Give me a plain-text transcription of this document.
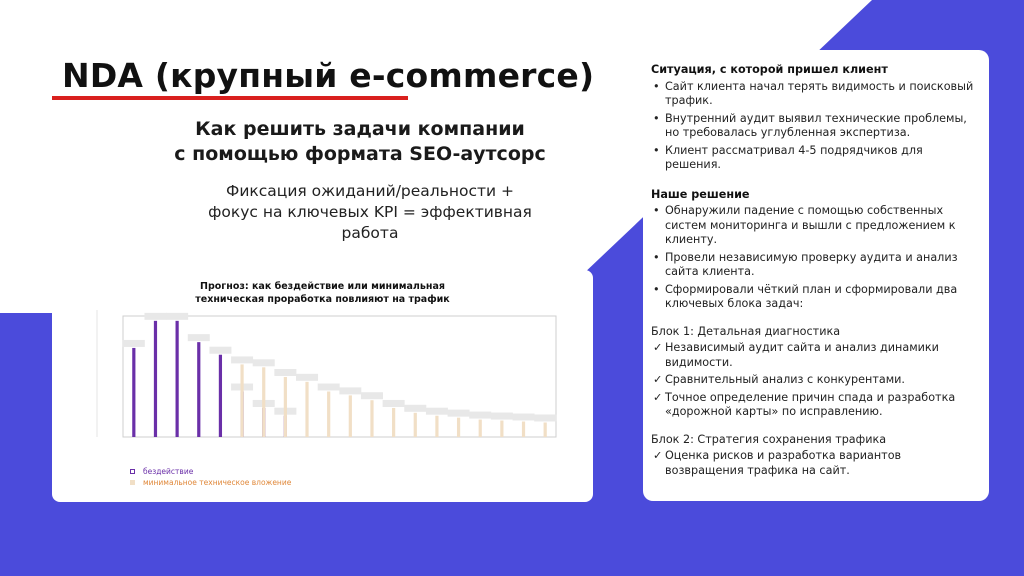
NDA (крупный e-commerce)
Как решить задачи компании
с помощью формата SEO-аутсорс
Фиксация ожиданий/реальности +
фокус на ключевых KPI = эффективная
работа
Прогноз: как бездействие или минимальная
техническая проработка повлияют на трафик
бездействие
минимальное техническое вложение
Ситуация, с которой пришел клиент
• Сайт клиента начал терять видимость и поисковый трафик.
• Внутренний аудит выявил технические проблемы, но требовалась углубленная экспертиза.
• Клиент рассматривал 4-5 подрядчиков для решения.
Наше решение
• Обнаружили падение с помощью собственных систем мониторинга и вышли с предложением к клиенту.
• Провели независимую проверку аудита и анализ сайта клиента.
• Сформировали чёткий план и сформировали два ключевых блока задач:
Блок 1: Детальная диагностика
✓ Независимый аудит сайта и анализ динамики видимости.
✓ Сравнительный анализ с конкурентами.
✓ Точное определение причин спада и разработка «дорожной карты» по исправлению.
Блок 2: Стратегия сохранения трафика
✓ Оценка рисков и разработка вариантов возвращения трафика на сайт.
